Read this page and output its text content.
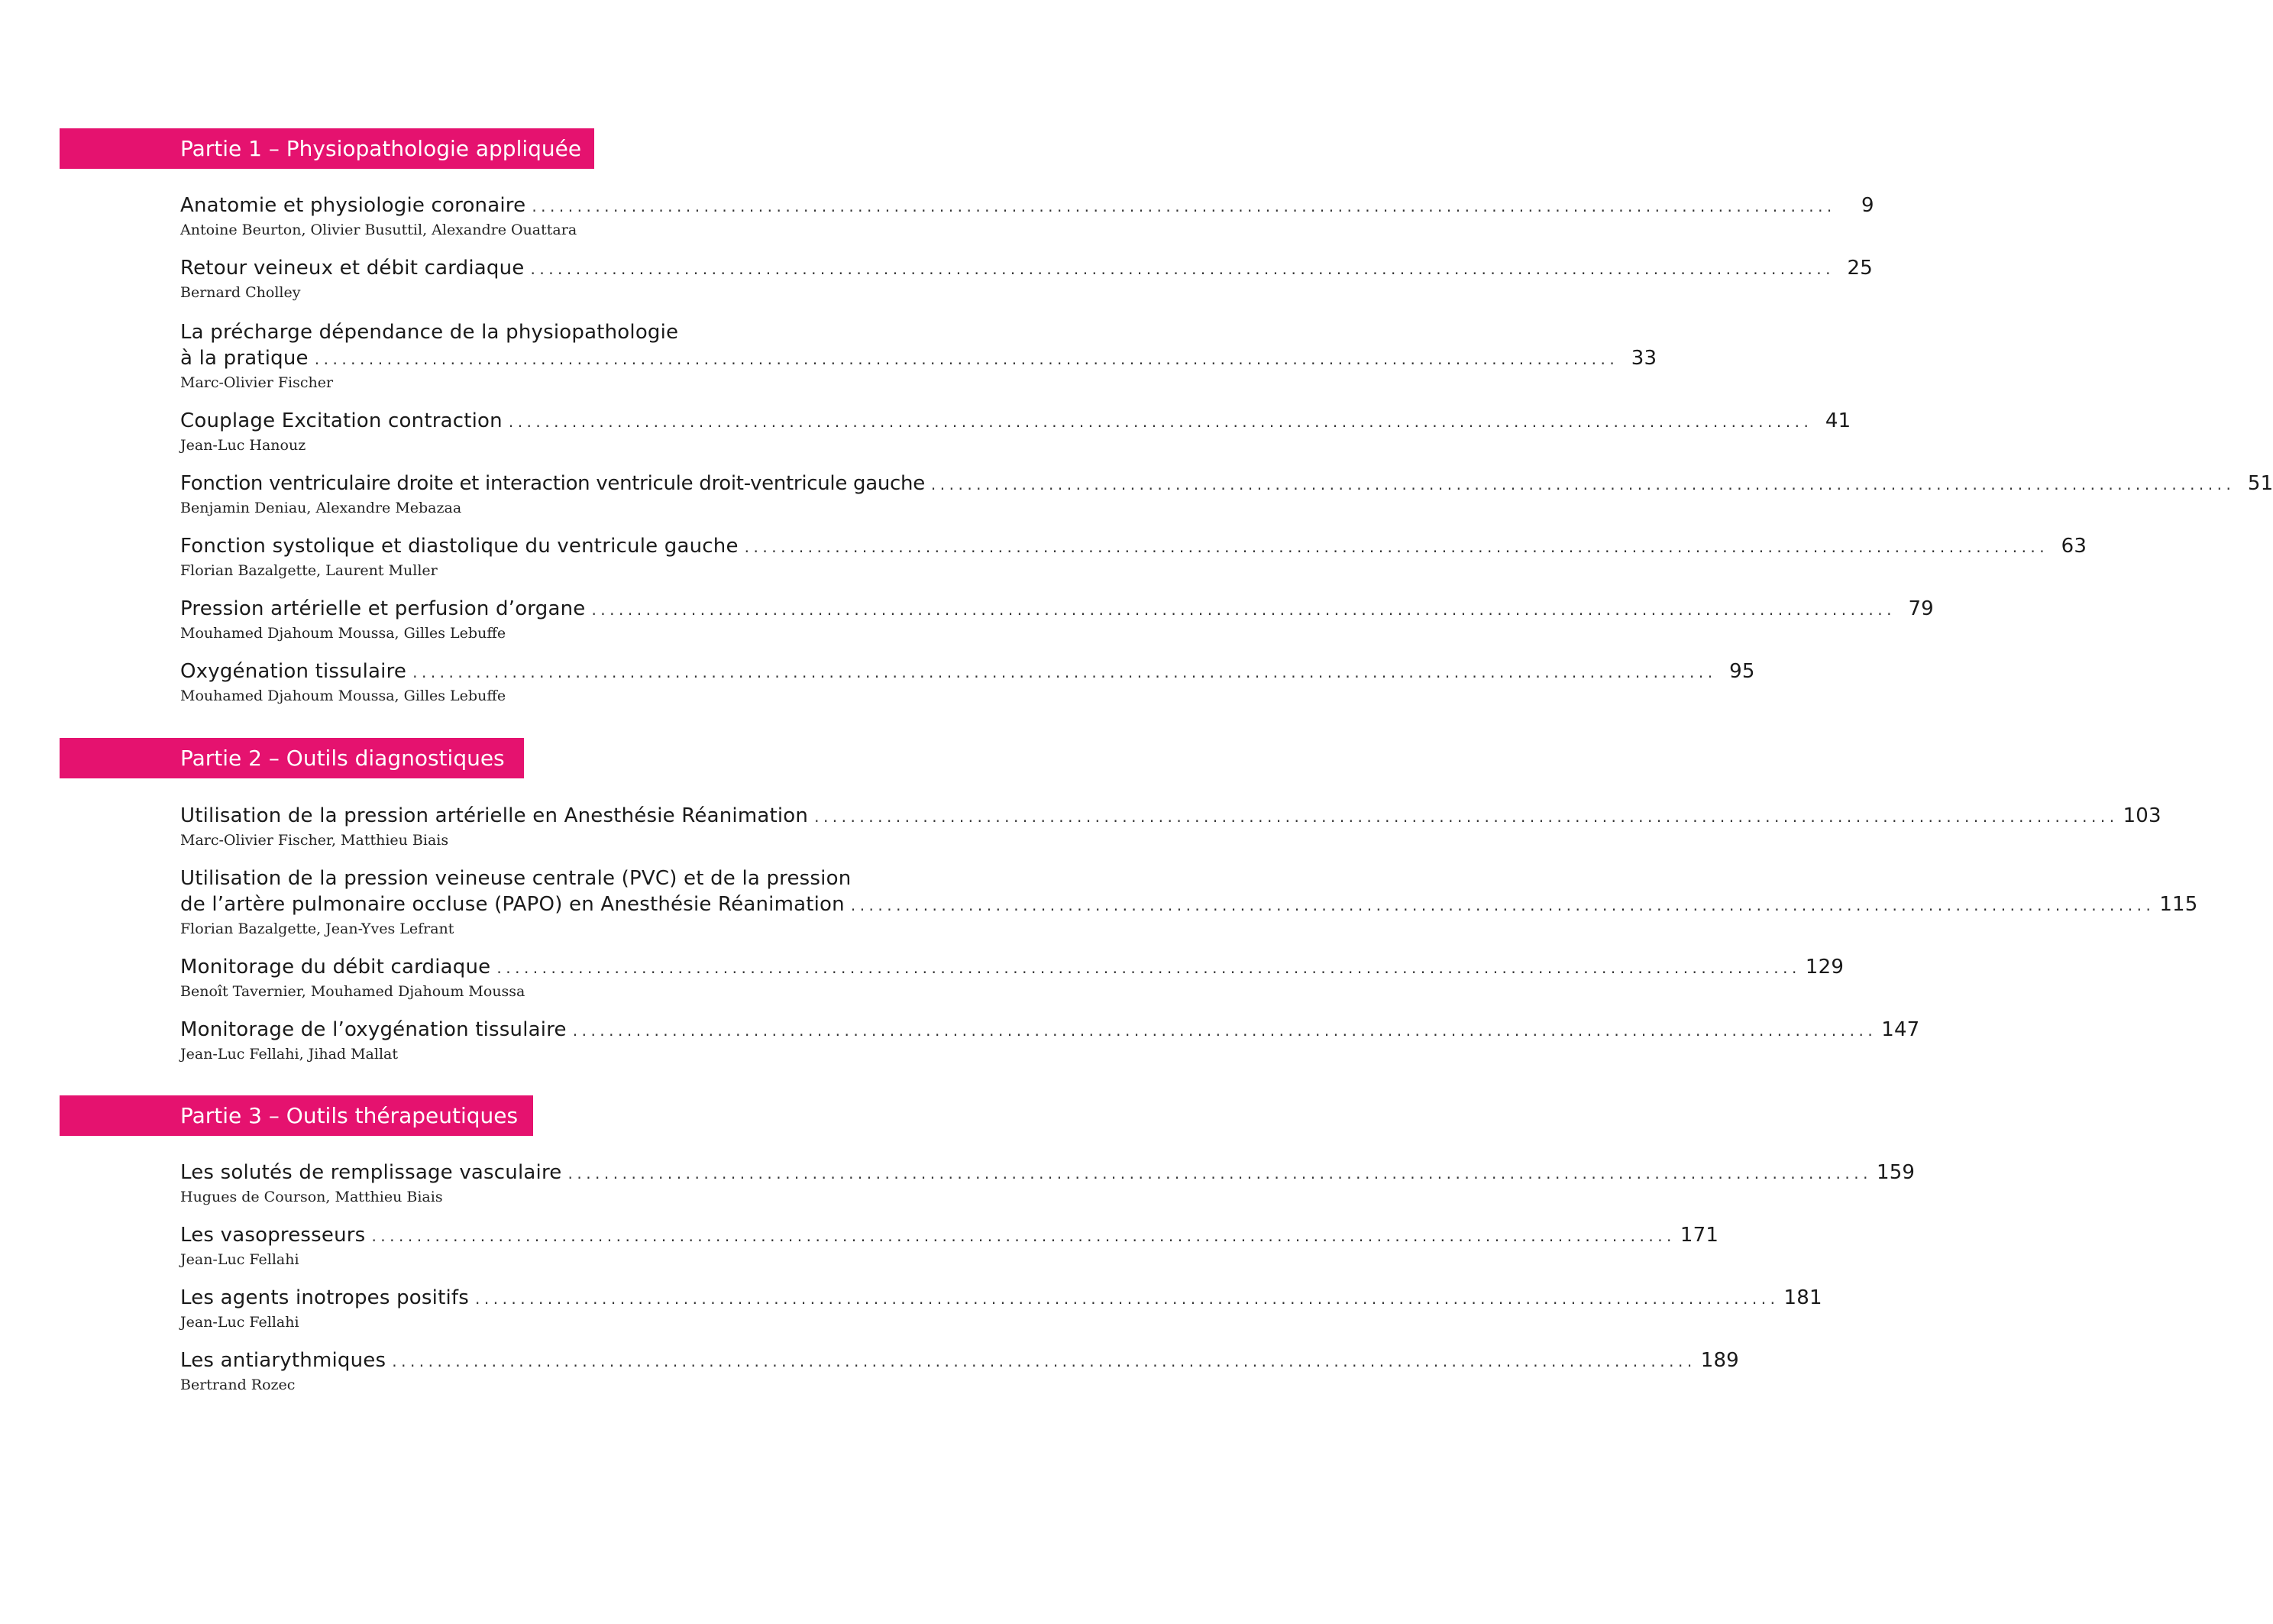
Partie 1 – Physiopathologie appliquée
Anatomie et physiologie coronaire ................................................................................................................................................	9
Antoine Beurton, Olivier Busuttil, Alexandre Ouattara
Retour veineux et débit cardiaque ................................................................................................................................................ 25
Bernard Cholley
La précharge dépendance de la physiopathologie
à la pratique ................................................................................................................................................ 33
Marc-Olivier Fischer
Couplage Excitation contraction ................................................................................................................................................ 41
Jean-Luc Hanouz
Fonction ventriculaire droite et interaction ventricule droit-ventricule gauche ................................................................................................................................................ 51
Benjamin Deniau, Alexandre Mebazaa
Fonction systolique et diastolique du ventricule gauche ................................................................................................................................................ 63
Florian Bazalgette, Laurent Muller
Pression artérielle et perfusion d’organe ................................................................................................................................................ 79
Mouhamed Djahoum Moussa, Gilles Lebuffe
Oxygénation tissulaire ................................................................................................................................................ 95
Mouhamed Djahoum Moussa, Gilles Lebuffe
Partie 2 – Outils diagnostiques
Utilisation de la pression artérielle en Anesthésie Réanimation ................................................................................................................................................ 103
Marc-Olivier Fischer, Matthieu Biais
Utilisation de la pression veineuse centrale (PVC) et de la pression
de l’artère pulmonaire occluse (PAPO) en Anesthésie Réanimation ................................................................................................................................................ 115
Florian Bazalgette, Jean-Yves Lefrant
Monitorage du débit cardiaque ................................................................................................................................................ 129
Benoît Tavernier, Mouhamed Djahoum Moussa
Monitorage de l’oxygénation tissulaire ................................................................................................................................................ 147
Jean-Luc Fellahi, Jihad Mallat
Partie 3 – Outils thérapeutiques
Les solutés de remplissage vasculaire ................................................................................................................................................ 159
Hugues de Courson, Matthieu Biais
Les vasopresseurs ................................................................................................................................................ 171
Jean-Luc Fellahi
Les agents inotropes positifs ................................................................................................................................................ 181
Jean-Luc Fellahi
Les antiarythmiques ................................................................................................................................................ 189
Bertrand Rozec
